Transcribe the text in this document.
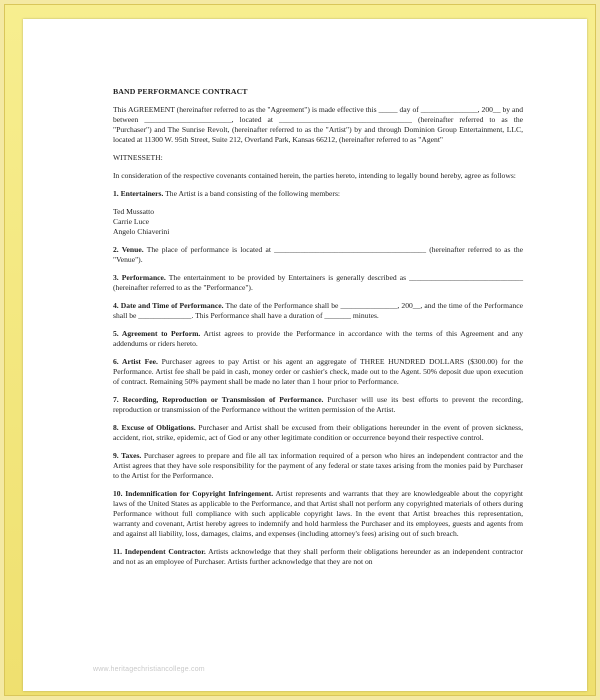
BAND PERFORMANCE CONTRACT

This AGREEMENT (hereinafter referred to as the "Agreement") is made effective this _____ day of _______________, 200__ by and between _______________________, located at ___________________________________ (hereinafter referred to as the "Purchaser") and The Sunrise Revolt, (hereinafter referred to as the "Artist") by and through Dominion Group Entertainment, LLC, located at 11300 W. 95th Street, Suite 212, Overland Park, Kansas 66212, (hereinafter referred to as "Agent"

WITNESSETH:

In consideration of the respective covenants contained herein, the parties hereto, intending to legally bound hereby, agree as follows:

1. Entertainers. The Artist is a band consisting of the following members:

Ted Mussatto
Carrie Luce
Angelo Chiaverini

2. Venue. The place of performance is located at ________________________________________ (hereinafter referred to as the "Venue").

3. Performance. The entertainment to be provided by Entertainers is generally described as ______________________________ (hereinafter referred to as the "Performance").

4. Date and Time of Performance. The date of the Performance shall be _______________, 200__, and the time of the Performance shall be ______________. This Performance shall have a duration of _______ minutes.

5. Agreement to Perform. Artist agrees to provide the Performance in accordance with the terms of this Agreement and any addendums or riders hereto.

6. Artist Fee. Purchaser agrees to pay Artist or his agent an aggregate of THREE HUNDRED DOLLARS ($300.00) for the Performance. Artist fee shall be paid in cash, money order or cashier's check, made out to the Agent. 50% deposit due upon execution of contract. Remaining 50% payment shall be made no later than 1 hour prior to Performance.

7. Recording, Reproduction or Transmission of Performance. Purchaser will use its best efforts to prevent the recording, reproduction or transmission of the Performance without the written permission of the Artist.

8. Excuse of Obligations. Purchaser and Artist shall be excused from their obligations hereunder in the event of proven sickness, accident, riot, strike, epidemic, act of God or any other legitimate condition or occurrence beyond their respective control.

9. Taxes. Purchaser agrees to prepare and file all tax information required of a person who hires an independent contractor and the Artist agrees that they have sole responsibility for the payment of any federal or state taxes arising from the monies paid by Purchaser to the Artist for the Performance.

10. Indemnification for Copyright Infringement. Artist represents and warrants that they are knowledgeable about the copyright laws of the United States as applicable to the Performance, and that Artist shall not perform any copyrighted materials of others during Performance without full compliance with such applicable copyright laws. In the event that Artist breaches this representation, warranty and covenant, Artist hereby agrees to indemnify and hold harmless the Purchaser and its employees, guests and agents from and against all liability, loss, damages, claims, and expenses (including attorney's fees) arising out of such breach.

11. Independent Contractor. Artists acknowledge that they shall perform their obligations hereunder as an independent contractor and not as an employee of Purchaser. Artists further acknowledge that they are not on

www.heritagechristiancollege.com
